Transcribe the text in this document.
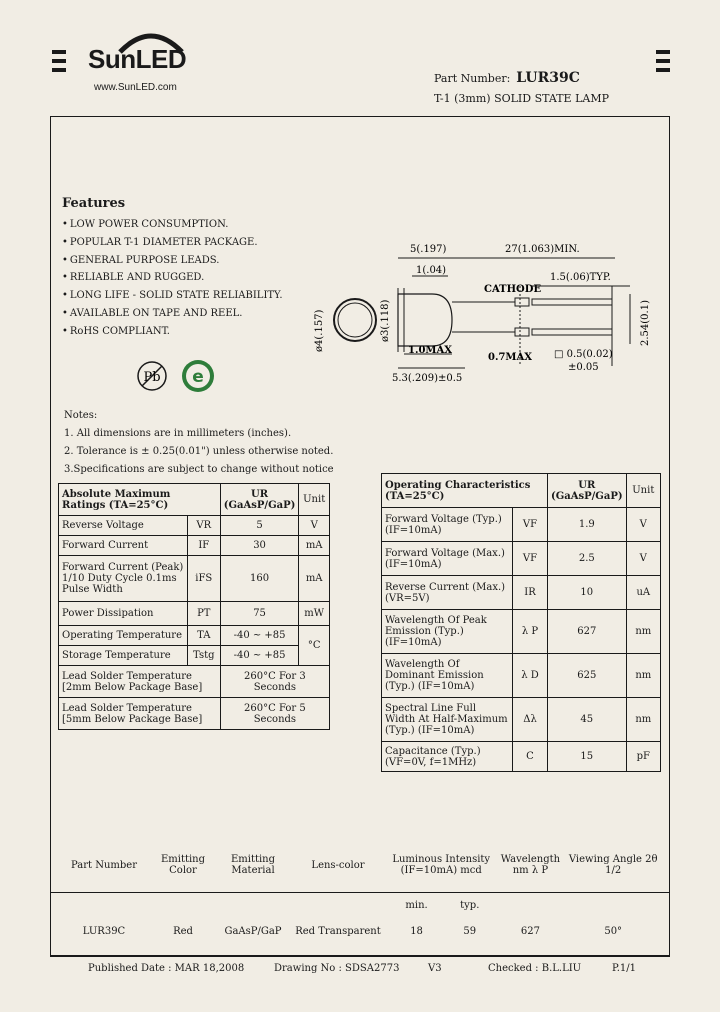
SunLED
www.SunLED.com
Part Number: LUR39C
T-1 (3mm) SOLID STATE LAMP
Features
• LOW POWER CONSUMPTION.
• POPULAR T-1 DIAMETER PACKAGE.
• GENERAL PURPOSE LEADS.
• RELIABLE AND RUGGED.
• LONG LIFE - SOLID STATE RELIABILITY.
• AVAILABLE ON TAPE AND REEL.
• RoHS COMPLIANT.
Pb e
ø4(.157)	ø3(.118)
5(.197)	27(1.063)MIN.
1(.04)
CATHODE
1.5(.06)TYP.
2.54(0.1)
1.0MAX
0.7MAX □ 0.5(0.02)
±0.05
5.3(.209)±0.5
Notes:
1. All dimensions are in millimeters (inches).
2. Tolerance is ± 0.25(0.01") unless otherwise noted.
3.Specifications are subject to change without notice
Absolute Maximum Ratings (TA=25°C)		UR (GaAsP/GaP)	Unit
Reverse Voltage	VR	5	V
Forward Current	IF	30	mA
Forward Current (Peak) 1/10 Duty Cycle 0.1ms Pulse Width	iFS	160	mA
Power Dissipation	PT	75	mW
Operating Temperature	TA	-40 ~ +85	°C
Storage Temperature	Tstg	-40 ~ +85	
Lead Solder Temperature [2mm Below Package Base]		260°C For 3 Seconds	
Lead Solder Temperature [5mm Below Package Base]		260°C For 5 Seconds	
Operating Characteristics (TA=25°C)		UR (GaAsP/GaP)	Unit
Forward Voltage (Typ.) (IF=10mA)	VF	1.9	V
Forward Voltage (Max.) (IF=10mA)	VF	2.5	V
Reverse Current (Max.) (VR=5V)	IR	10	uA
Wavelength Of Peak Emission (Typ.) (IF=10mA)	λ P	627	nm
Wavelength Of Dominant Emission (Typ.) (IF=10mA)	λ D	625	nm
Spectral Line Full Width At Half-Maximum (Typ.) (IF=10mA)	Δλ	45	nm
Capacitance (Typ.) (VF=0V, f=1MHz)	C	15	pF
Part Number	Emitting Color	Emitting Material	Lens-color	Luminous Intensity (IF=10mA) mcd		Wavelength nm λ P	Viewing Angle 2θ 1/2
				min.	typ.		
LUR39C	Red	GaAsP/GaP	Red Transparent	18	59	627	50°
Published Date : MAR 18,2008	Drawing No : SDSA2773	V3	Checked : B.L.LIU	P.1/1
